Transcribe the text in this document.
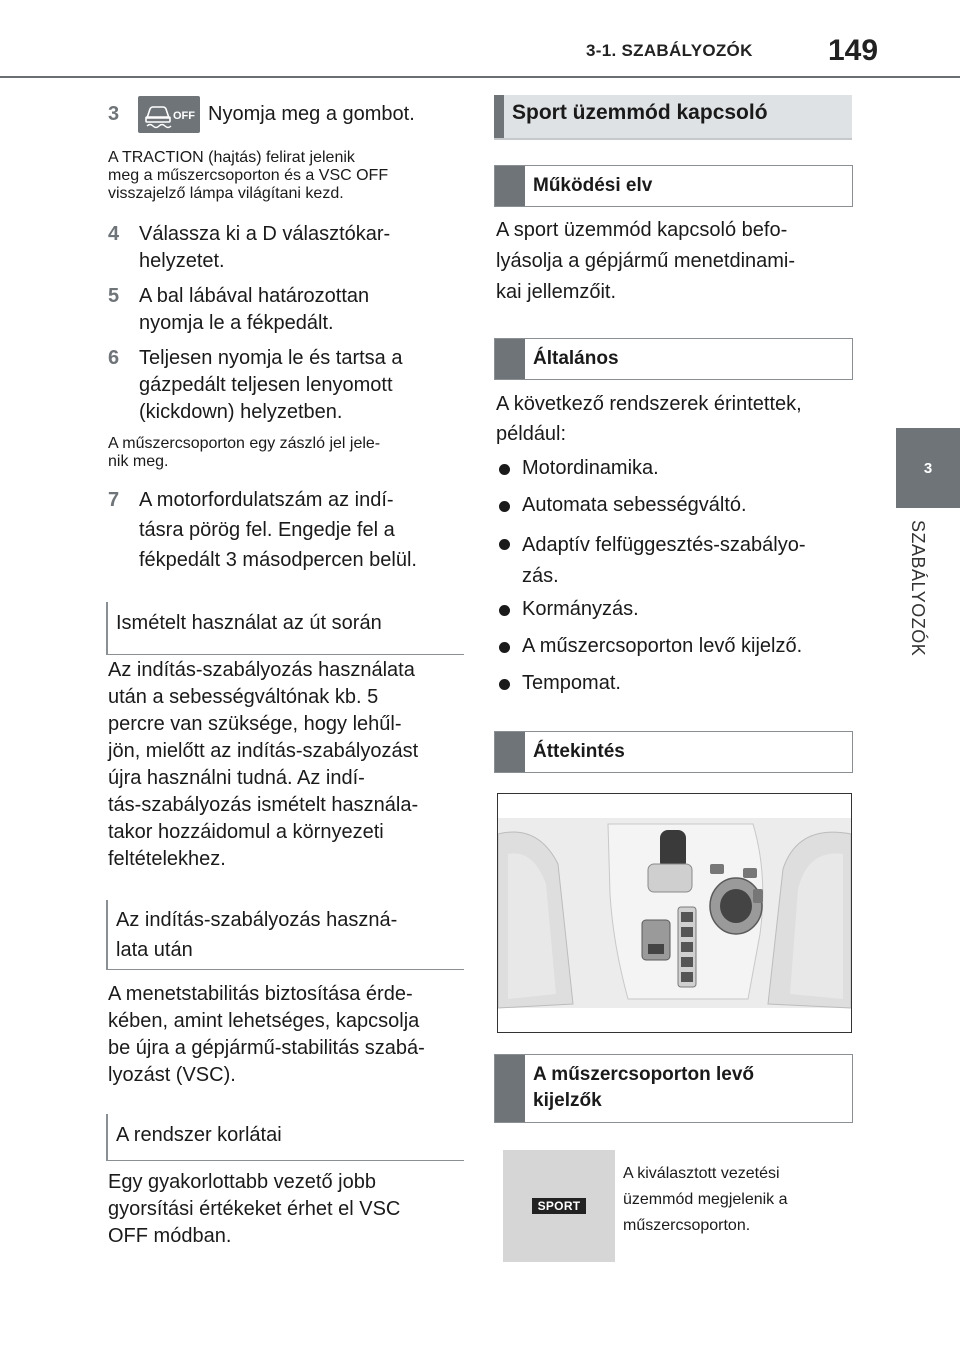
3-1. SZABÁLYOZÓK	149
3
SZABÁLYOZÓK
3	Nyomja meg a gombot.
OFF
A TRACTION (hajtás) felirat jelenik
meg a műszercsoporton és a VSC OFF
visszajelző lámpa világítani kezd.
4 Válassza ki a D választókar-
helyzetet.
5 A bal lábával határozottan
nyomja le a fékpedált.
6 Teljesen nyomja le és tartsa a
gázpedált teljesen lenyomott
(kickdown) helyzetben.
A műszercsoporton egy zászló jel jele-
nik meg.
7 A motorfordulatszám az indí-
tásra pörög fel. Engedje fel a
fékpedált 3 másodpercen belül.
Ismételt használat az út során
Az indítás-szabályozás használata
után a sebességváltónak kb. 5
percre van szüksége, hogy lehűl-
jön, mielőtt az indítás-szabályozást
újra használni tudná. Az indí-
tás-szabályozás ismételt használa-
takor hozzáidomul a környezeti
feltételekhez.
Az indítás-szabályozás haszná-
lata után
A menetstabilitás biztosítása érde-
kében, amint lehetséges, kapcsolja
be újra a gépjármű-stabilitás szabá-
lyozást (VSC).
A rendszer korlátai
Egy gyakorlottabb vezető jobb
gyorsítási értékeket érhet el VSC
OFF módban.
Sport üzemmód kapcsoló
Működési elv
A sport üzemmód kapcsoló befo-
lyásolja a gépjármű menetdinami-
kai jellemzőit.
Általános
A következő rendszerek érintettek,
például:
Motordinamika.
Automata sebességváltó.
Adaptív felfüggesztés-szabályo-
zás.
Kormányzás.
A műszercsoporton levő kijelző.
Tempomat.
Áttekintés
A műszercsoporton levő
kijelzők
SPORT
A kiválasztott vezetési
üzemmód megjelenik a
műszercsoporton.
